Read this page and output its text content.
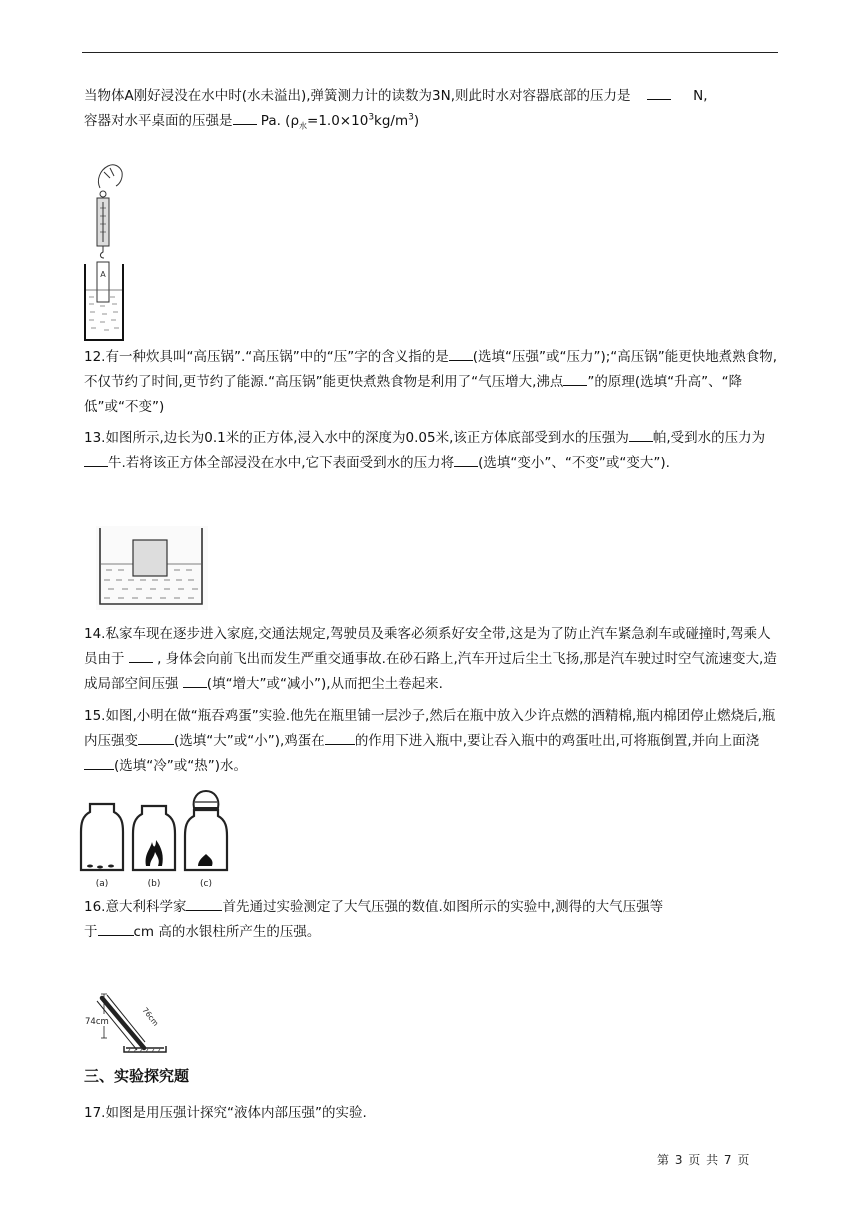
当物体A刚好浸没在水中时(水未溢出),弹簧测力计的读数为3N,则此时水对容器底部的压力是	N,
容器对水平桌面的压强是 Pa. $(\rho_水=1.0\times 10^3kg/m^3)$

A

12.有一种炊具叫“高压锅”.“高压锅”中的“压”字的含义指的是 (选填“压强”或“压力”);“高压锅”能更快地煮熟食物,不仅节约了时间,更节约了能源.“高压锅”能更快煮熟食物是利用了“气压增大,沸点 ”的原理(选填“升高”、“降低”或“不变”)

13.如图所示,边长为0.1米的正方体,浸入水中的深度为0.05米,该正方体底部受到水的压强为 帕,受到水的压力为牛.若将该正方体全部浸没在水中,它下表面受到水的压力将 (选填“变小”、“不变”或“变大”).

14.私家车现在逐步进入家庭,交通法规定,驾驶员及乘客必须系好安全带,这是为了防止汽车紧急刹车或碰撞时,驾乘人员由于 , 身体会向前飞出而发生严重交通事故.在砂石路上,汽车开过后尘土飞扬,那是汽车驶过时空气流速变大,造成局部空间压强 (填“增大”或“减小”),从而把尘土卷起来.

15.如图,小明在做“瓶吞鸡蛋”实验.他先在瓶里铺一层沙子,然后在瓶中放入少许点燃的酒精棉,瓶内棉团停止燃烧后,瓶内压强变	(选填“大”或“小”),鸡蛋在 的作用下进入瓶中,要让吞入瓶中的鸡蛋吐出,可将瓶倒置,并向上面浇(选填“冷”或“热”)水。

(a)	(b)	(c)

16.意大利科学家	首先通过实验测定了大气压强的数值.如图所示的实验中,测得的大气压强等
于	cm 高的水银柱所产生的压强。

74cm	76cm
三、实验探究题

17.如图是用压强计探究“液体内部压强”的实验.

第 3 页 共 7 页
